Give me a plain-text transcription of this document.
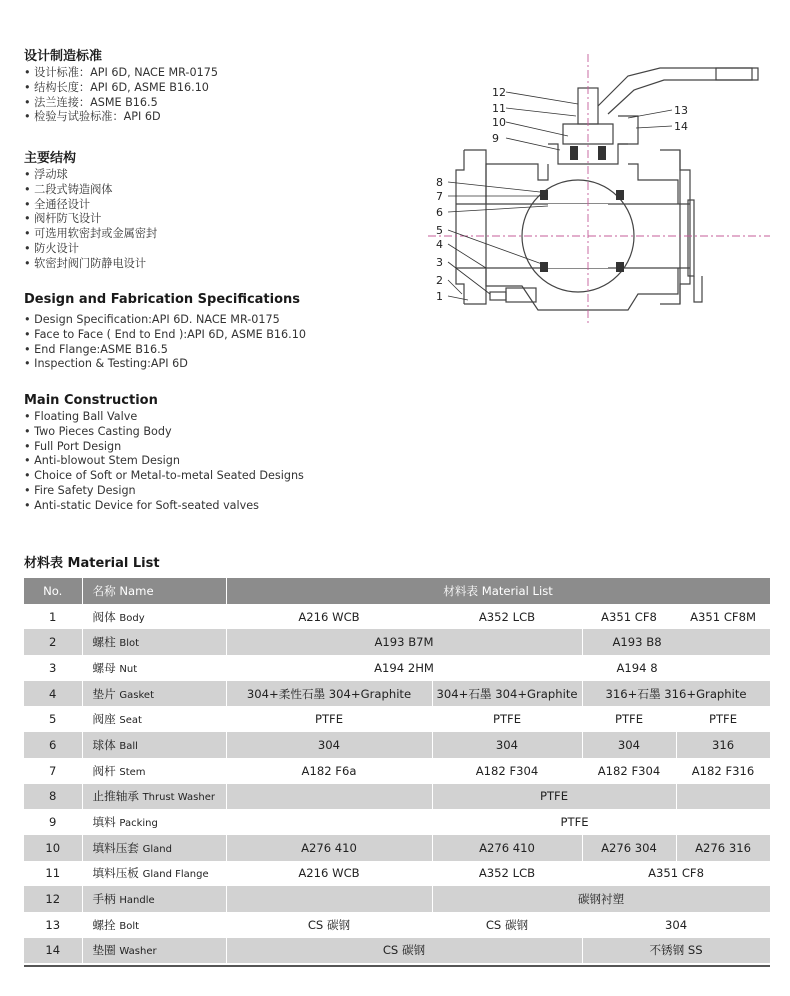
设计制造标准
• 设计标准：API 6D, NACE MR-0175
• 结构长度：API 6D, ASME B16.10
• 法兰连接：ASME B16.5
• 检验与试验标准：API 6D
主要结构
• 浮动球
• 二段式铸造阀体
• 全通径设计
• 阀杆防飞设计
• 可选用软密封或金属密封
• 防火设计
• 软密封阀门防静电设计
Design and Fabrication Specifications
• Design Specification:API 6D. NACE MR-0175
• Face to Face ( End to End ):API 6D, ASME B16.10
• End Flange:ASME B16.5
• Inspection & Testing:API 6D
Main Construction
• Floating Ball Valve
• Two Pieces Casting Body
• Full Port Design
• Anti-blowout Stem Design
• Choice of Soft or Metal-to-metal Seated Designs
• Fire Safety Design
• Anti-static Device for Soft-seated valves
12
11
10
9
8
7
6
5
4
3
2
1
13
14
材料表 Material List
No.	名称 Name	材料表 Material List			
1	阀体 Body	A216 WCB	A352 LCB	A351 CF8	A351 CF8M
2	螺柱 Blot	A193 B7M		A193 B8	
3	螺母 Nut	A194 2HM		A194 8	
4	垫片 Gasket	304+柔性石墨 304+Graphite	304+石墨 304+Graphite	316+石墨 316+Graphite	
5	阀座 Seat	PTFE	PTFE	PTFE	PTFE
6	球体 Ball	304	304	304	316
7	阀杆 Stem	A182 F6a	A182 F304	A182 F304	A182 F316
8	止推轴承 Thrust Washer		PTFE		
9	填料 Packing	PTFE			
10	填料压套 Gland	A276 410	A276 410	A276 304	A276 316
11	填料压板 Gland Flange	A216 WCB	A352 LCB	A351 CF8	
12	手柄 Handle		碳钢衬塑		
13	螺拴 Bolt	CS 碳钢	CS 碳钢	304	
14	垫圈 Washer	CS 碳钢		不锈钢 SS	
